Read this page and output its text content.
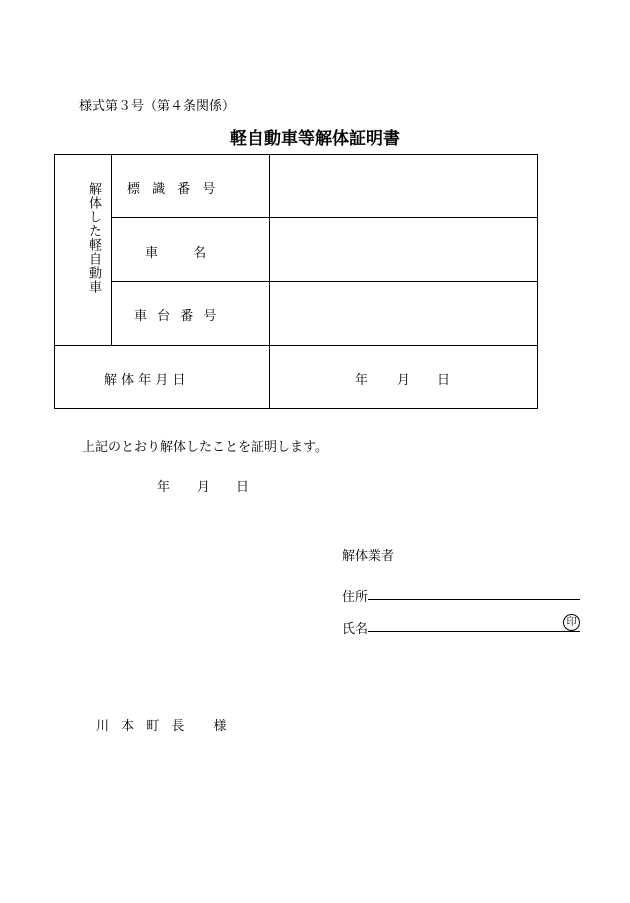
様式第３号（第４条関係）
軽自動車等解体証明書
解体した軽自動車 標 識 番 号
車　 名
車 台 番 号
解 体 年 月 日	年 月 日
上記のとおり解体したことを証明します。
年 月 日
解体業者
住所
氏名	印
川 本 町 長　 様
